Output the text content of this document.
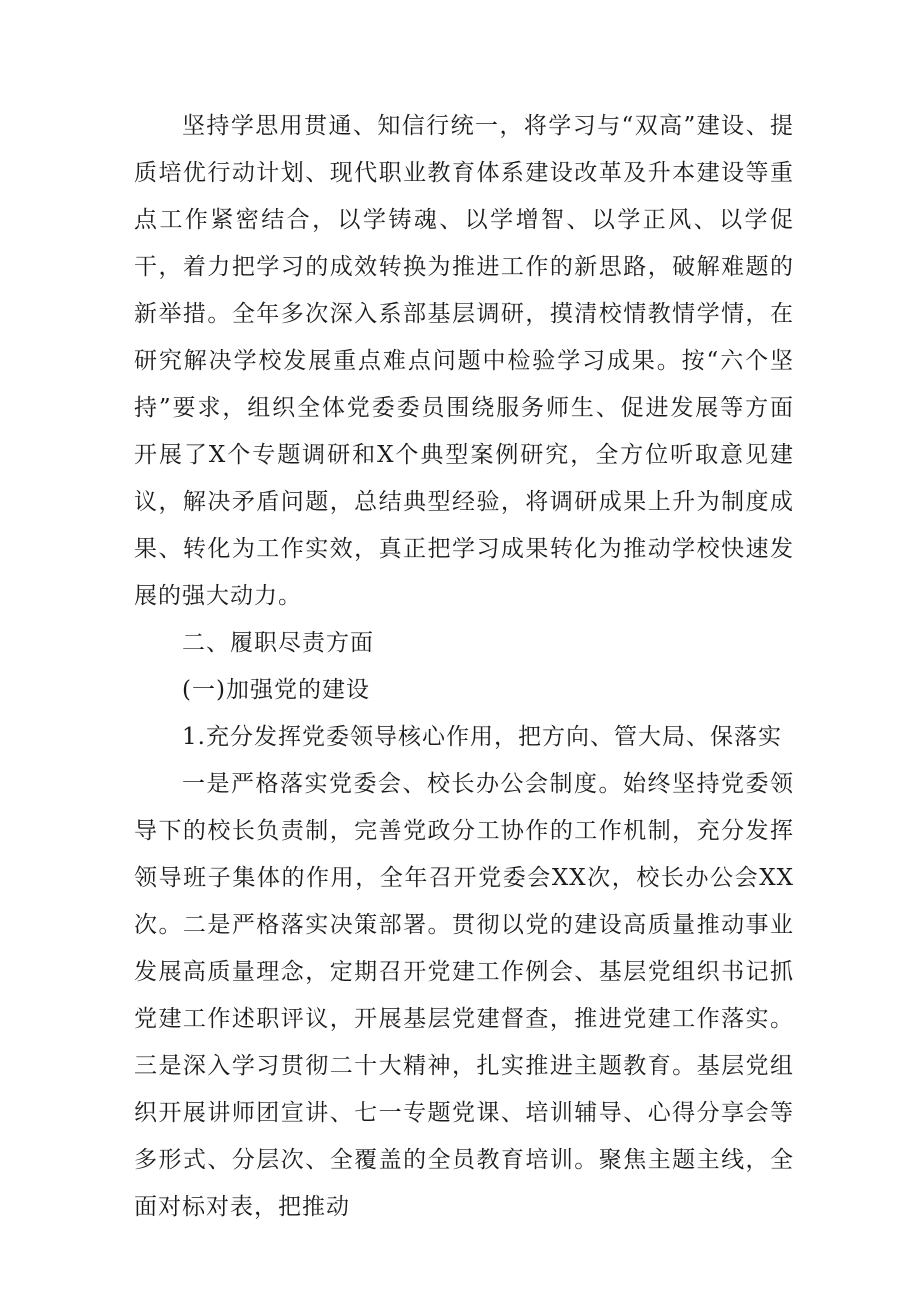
坚持学思用贯通、知信行统一，将学习与“双高”建设、提质培优行动计划、现代职业教育体系建设改革及升本建设等重点工作紧密结合，以学铸魂、以学增智、以学正风、以学促干，着力把学习的成效转换为推进工作的新思路，破解难题的新举措。全年多次深入系部基层调研，摸清校情教情学情，在研究解决学校发展重点难点问题中检验学习成果。按“六个坚持”要求，组织全体党委委员围绕服务师生、促进发展等方面开展了X个专题调研和X个典型案例研究，全方位听取意见建议，解决矛盾问题，总结典型经验，将调研成果上升为制度成果、转化为工作实效，真正把学习成果转化为推动学校快速发展的强大动力。

二、履职尽责方面

(一)加强党的建设

1.充分发挥党委领导核心作用，把方向、管大局、保落实

一是严格落实党委会、校长办公会制度。始终坚持党委领导下的校长负责制，完善党政分工协作的工作机制，充分发挥领导班子集体的作用，全年召开党委会XX次，校长办公会XX次。二是严格落实决策部署。贯彻以党的建设高质量推动事业发展高质量理念，定期召开党建工作例会、基层党组织书记抓党建工作述职评议，开展基层党建督查，推进党建工作落实。三是深入学习贯彻二十大精神，扎实推进主题教育。基层党组织开展讲师团宣讲、七一专题党课、培训辅导、心得分享会等多形式、分层次、全覆盖的全员教育培训。聚焦主题主线，全面对标对表，把推动
